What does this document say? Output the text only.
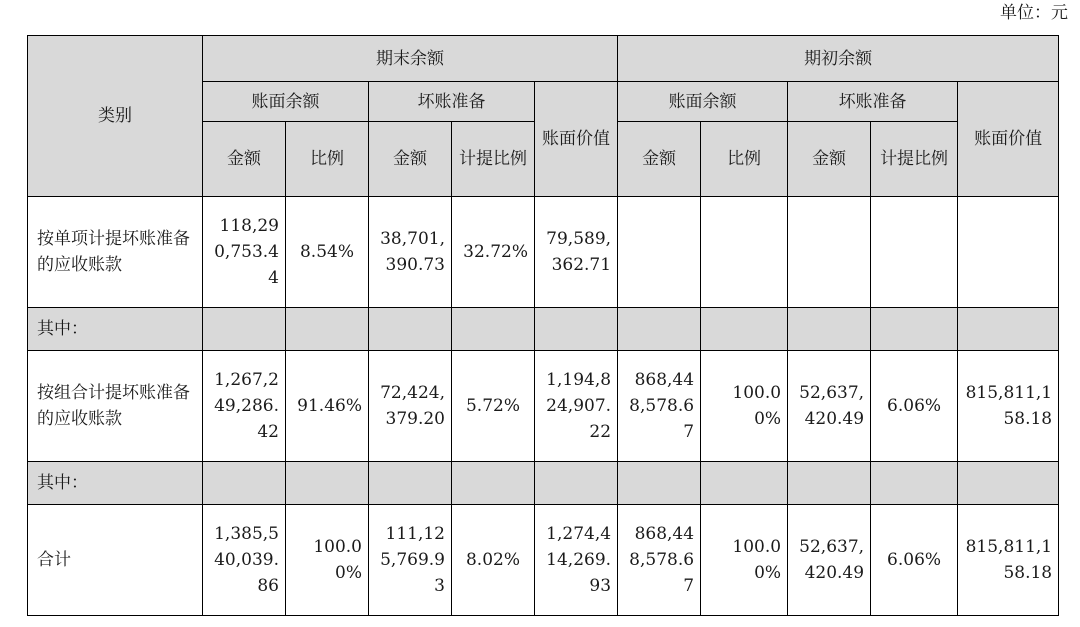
单位：元
类别	期末余额					期初余额				
	账面余额		坏账准备		账面价值	账面余额		坏账准备		账面价值
	金额	比例	金额	计提比例		金额	比例	金额	计提比例	
按单项计提坏账准备的应收账款	118,290,753.44	8.54%	38,701,390.73	32.72%	79,589,362.71					
其中：										
按组合计提坏账准备的应收账款	1,267,249,286.42	91.46%	72,424,379.20	5.72%	1,194,824,907.22	868,448,578.67	100.00%	52,637,420.49	6.06%	815,811,158.18
其中：										
合计	1,385,540,039.86	100.00%	111,125,769.93	8.02%	1,274,414,269.93	868,448,578.67	100.00%	52,637,420.49	6.06%	815,811,158.18
